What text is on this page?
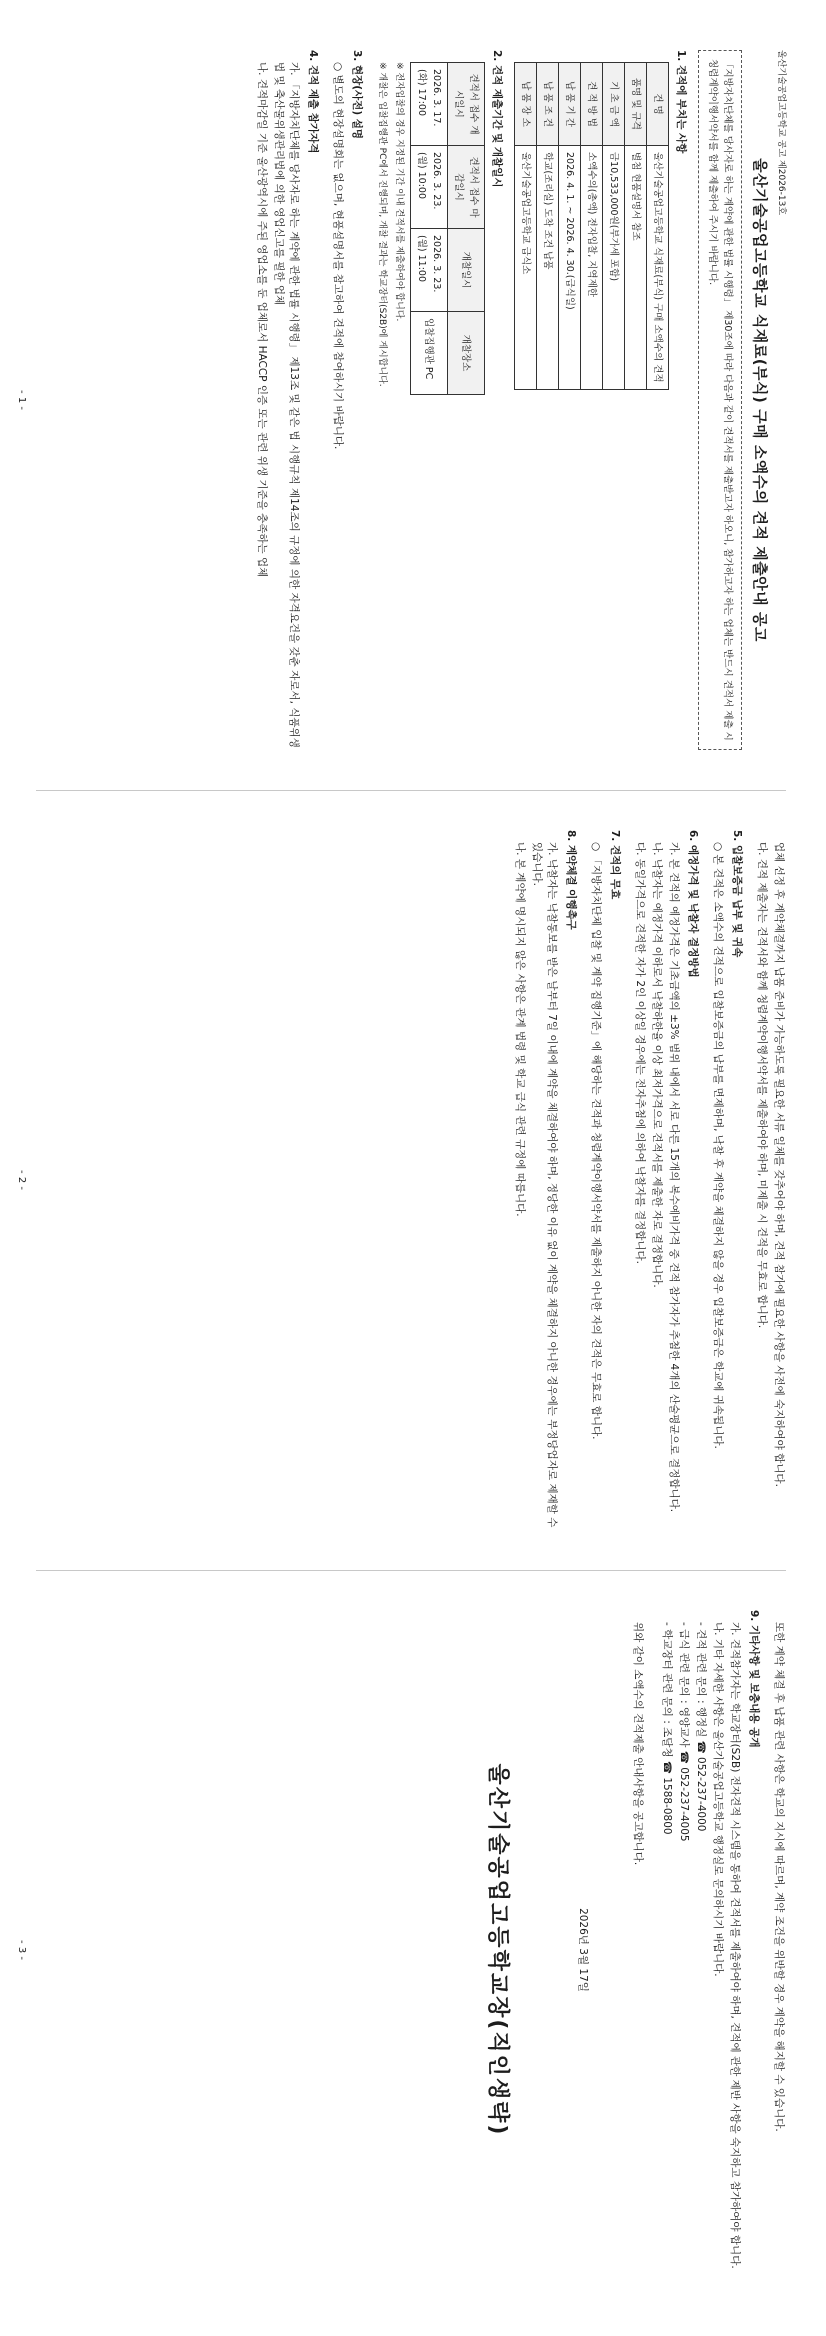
울산기술공업고등학교 공고 제2026-13호
울산기술공업고등학교 식재료(부식) 구매 소액수의 견적 제출안내 공고
「지방자치단체를 당사자로 하는 계약에 관한 법률 시행령」 제30조에 따라 다음과 같이 견적서를 제출받고자 하오니, 참가하고자 하는 업체는 반드시 견적서 제출 시 청렴계약이행서약서를 함께 제출하여 주시기 바랍니다.
1. 견적에 부치는 사항
건 명	울산기술공업고등학교 식재료(부식) 구매 소액수의 견적
품명 및 규격	별첨 현품설명서 참조
기 초 금 액	금10,533,000원(부가세 포함)
견 적 방 법	소액수의(총액) 전자입찰, 지역제한
납 품 기 간	2026. 4. 1. ~ 2026. 4. 30.(급식일)
납 품 조 건	학교(조리실) 도착 조건 납품
납 품 장 소	울산기술공업고등학교 급식소
2. 견적 제출기간 및 개찰일시
견적서 접수 개시일시	견적서 접수 마감일시	개찰일시	개찰장소
2026. 3. 17.(화) 17:00	2026. 3. 23.(월) 10:00	2026. 3. 23.(월) 11:00	입찰집행관 PC
※ 전자입찰의 경우 지정된 기간 이내 견적서를 제출하여야 합니다.
※ 개찰은 입찰집행관 PC에서 진행되며, 개찰 결과는 학교장터(S2B)에 게시합니다.
3. 현장(사전) 설명
○ 별도의 현장설명회는 없으며, 현품설명서를 참고하여 견적에 참여하시기 바랍니다.
4. 견적 제출 참가자격
가. 「지방자치단체를 당사자로 하는 계약에 관한 법률 시행령」 제13조 및 같은 법 시행규칙 제14조의 규정에 의한 자격요건을 갖춘 자로서, 식품위생법 및 축산물위생관리법에 의한 영업신고를 필한 업체
나. 견적마감일 기준 울산광역시에 주된 영업소를 둔 업체로서 HACCP 인증 또는 관련 위생 기준을 충족하는 업체
- 1 -
업체 선정 후 계약체결까지 납품 준비가 가능하도록 필요한 서류 일체를 갖추어야 하며, 견적 참가에 필요한 사항을 사전에 숙지하여야 합니다.
다. 견적 제출자는 견적서와 함께 청렴계약이행서약서를 제출하여야 하며, 미제출 시 견적을 무효로 합니다.
5. 입찰보증금 납부 및 귀속
○ 본 견적은 소액수의 견적으로 입찰보증금의 납부를 면제하며, 낙찰 후 계약을 체결하지 않을 경우 입찰보증금은 학교에 귀속됩니다.
6. 예정가격 및 낙찰자 결정방법
가. 본 견적의 예정가격은 기초금액의 ±3% 범위 내에서 서로 다른 15개의 복수예비가격 중 견적 참가자가 추첨한 4개의 산술평균으로 결정합니다.
나. 낙찰자는 예정가격 이하로서 낙찰하한율 이상 최저가격으로 견적서를 제출한 자로 결정합니다.
다. 동일가격으로 견적한 자가 2인 이상일 경우에는 전자추첨에 의하여 낙찰자를 결정합니다.
7. 견적의 무효
○ 「지방자치단체 입찰 및 계약 집행기준」에 해당하는 견적과 청렴계약이행서약서를 제출하지 아니한 자의 견적은 무효로 합니다.
8. 계약체결 이행촉구
가. 낙찰자는 낙찰통보를 받은 날부터 7일 이내에 계약을 체결하여야 하며, 정당한 이유 없이 계약을 체결하지 아니한 경우에는 부정당업자로 제재할 수 있습니다.
나. 본 계약에 명시되지 않은 사항은 관계 법령 및 학교 급식 관련 규정에 따릅니다.
- 2 -
또한 계약 체결 후 납품 관련 사항은 학교의 지시에 따르며, 계약 조건을 위반할 경우 계약을 해지할 수 있습니다.
9. 기타사항 및 보충내용 공개
가. 견적참가자는 학교장터(S2B) 전자견적 시스템을 통하여 견적서를 제출하여야 하며, 견적에 관한 제반 사항을 숙지하고 참가하여야 합니다.
나. 기타 자세한 사항은 울산기술공업고등학교 행정실로 문의하시기 바랍니다.
- 견적 관련 문의 : 행정실 ☎ 052-237-4000
- 급식 관련 문의 : 영양교사 ☎ 052-237-4005
- 학교장터 관련 문의 : 조달청 ☎ 1588-0800
위와 같이 소액수의 견적제출 안내사항을 공고합니다.
2026년 3월 17일
울산기술공업고등학교장(직인생략)
- 3 -
